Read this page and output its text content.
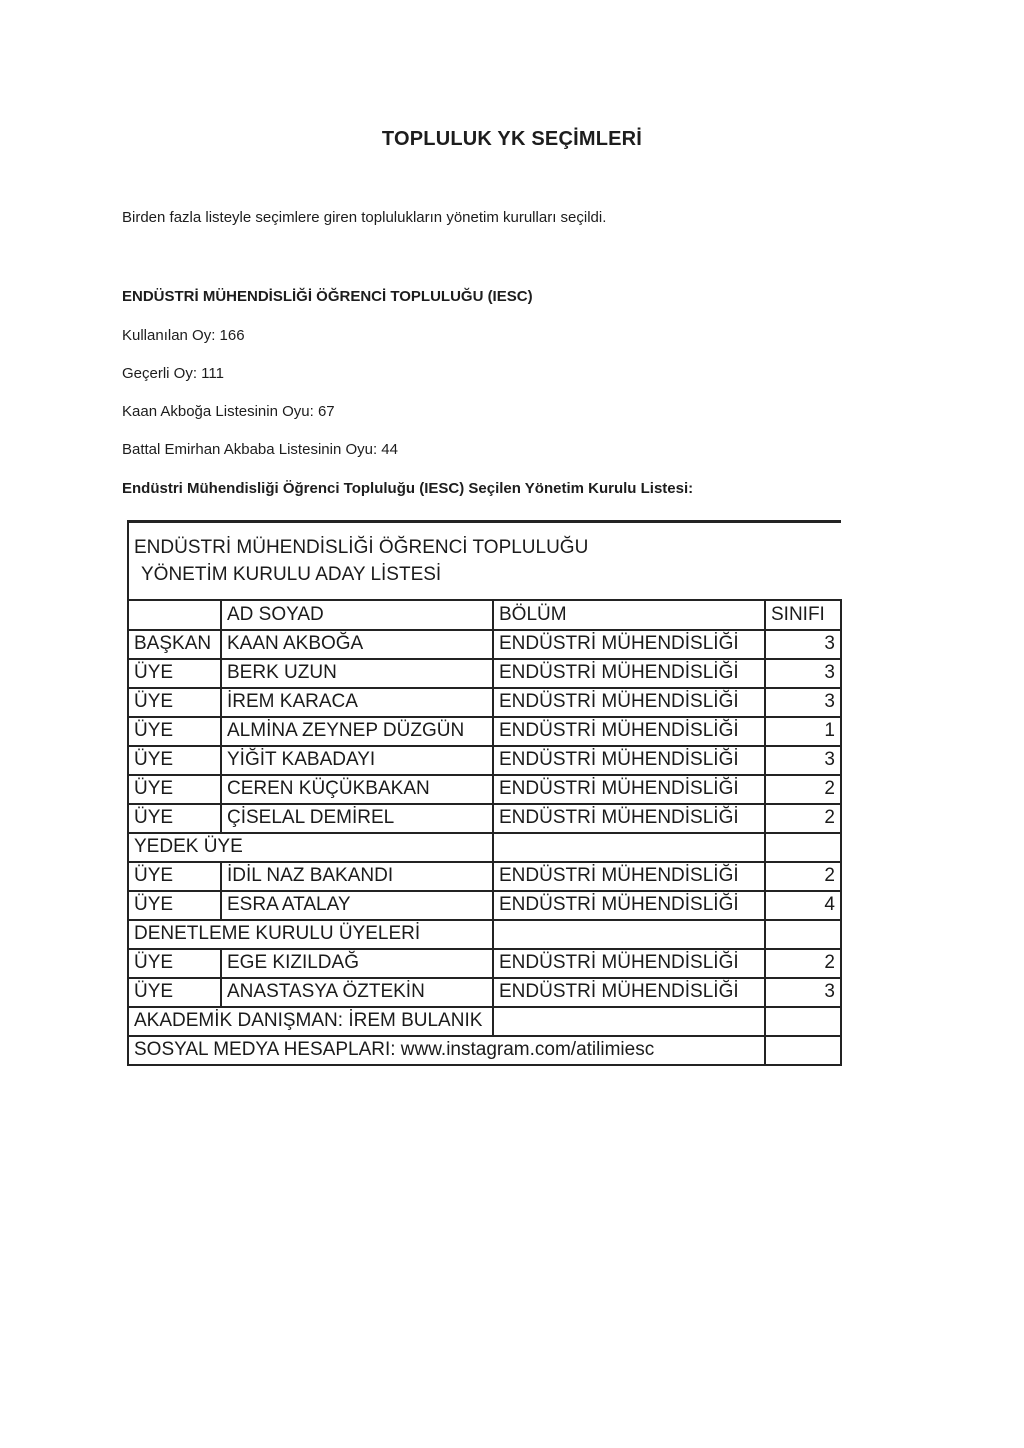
TOPLULUK YK SEÇİMLERİ
Birden fazla listeyle seçimlere giren toplulukların yönetim kurulları seçildi.
ENDÜSTRİ MÜHENDİSLİĞİ ÖĞRENCİ TOPLULUĞU (IESC)
Kullanılan Oy: 166
Geçerli Oy: 111
Kaan Akboğa Listesinin Oyu: 67
Battal Emirhan Akbaba Listesinin Oyu: 44
Endüstri Mühendisliği Öğrenci Topluluğu (IESC) Seçilen Yönetim Kurulu Listesi:
ENDÜSTRİ MÜHENDİSLİĞİ ÖĞRENCİ TOPLULUĞU
YÖNETİM KURULU ADAY LİSTESİ			

	AD SOYAD	BÖLÜM	SINIFI
BAŞKAN	KAAN AKBOĞA	ENDÜSTRİ MÜHENDİSLİĞİ	3
ÜYE	BERK UZUN	ENDÜSTRİ MÜHENDİSLİĞİ	3
ÜYE	İREM KARACA	ENDÜSTRİ MÜHENDİSLİĞİ	3
ÜYE	ALMİNA ZEYNEP DÜZGÜN	ENDÜSTRİ MÜHENDİSLİĞİ	1
ÜYE	YİĞİT KABADAYI	ENDÜSTRİ MÜHENDİSLİĞİ	3
ÜYE	CEREN KÜÇÜKBAKAN	ENDÜSTRİ MÜHENDİSLİĞİ	2
ÜYE	ÇİSELAL DEMİREL	ENDÜSTRİ MÜHENDİSLİĞİ	2
YEDEK ÜYE			
ÜYE	İDİL NAZ BAKANDI	ENDÜSTRİ MÜHENDİSLİĞİ	2
ÜYE	ESRA ATALAY	ENDÜSTRİ MÜHENDİSLİĞİ	4
DENETLEME KURULU ÜYELERİ			
ÜYE	EGE KIZILDAĞ	ENDÜSTRİ MÜHENDİSLİĞİ	2
ÜYE	ANASTASYA ÖZTEKİN	ENDÜSTRİ MÜHENDİSLİĞİ	3
AKADEMİK DANIŞMAN: İREM BULANIK			
SOSYAL MEDYA HESAPLARI: www.instagram.com/atilimiesc			
